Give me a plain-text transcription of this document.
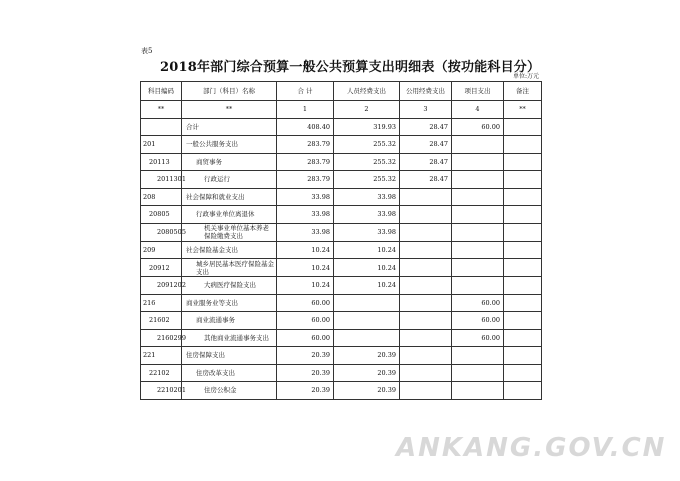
表5
2018年部门综合预算一般公共预算支出明细表（按功能科目分）
单位:万元
科目编码	部门（科目）名称	合 计	人员经费支出	公用经费支出	项目支出	备注
**	**	1	2	3	4	**
	合计	408.40	319.93	28.47	60.00	
201	一般公共服务支出	283.79	255.32	28.47		
20113	商贸事务	283.79	255.32	28.47		
2011301	行政运行	283.79	255.32	28.47		
208	社会保障和就业支出	33.98	33.98			
20805	行政事业单位离退休	33.98	33.98			
2080505	机关事业单位基本养老保险缴费支出	33.98	33.98			
209	社会保险基金支出	10.24	10.24			
20912	城乡居民基本医疗保险基金支出	10.24	10.24			
2091202	大病医疗保险支出	10.24	10.24			
216	商业服务业等支出	60.00			60.00	
21602	商业流通事务	60.00			60.00	
2160299	其他商业流通事务支出	60.00			60.00	
221	住房保障支出	20.39	20.39			
22102	住房改革支出	20.39	20.39			
2210201	住房公积金	20.39	20.39			
ANKANG.GOV.CN
